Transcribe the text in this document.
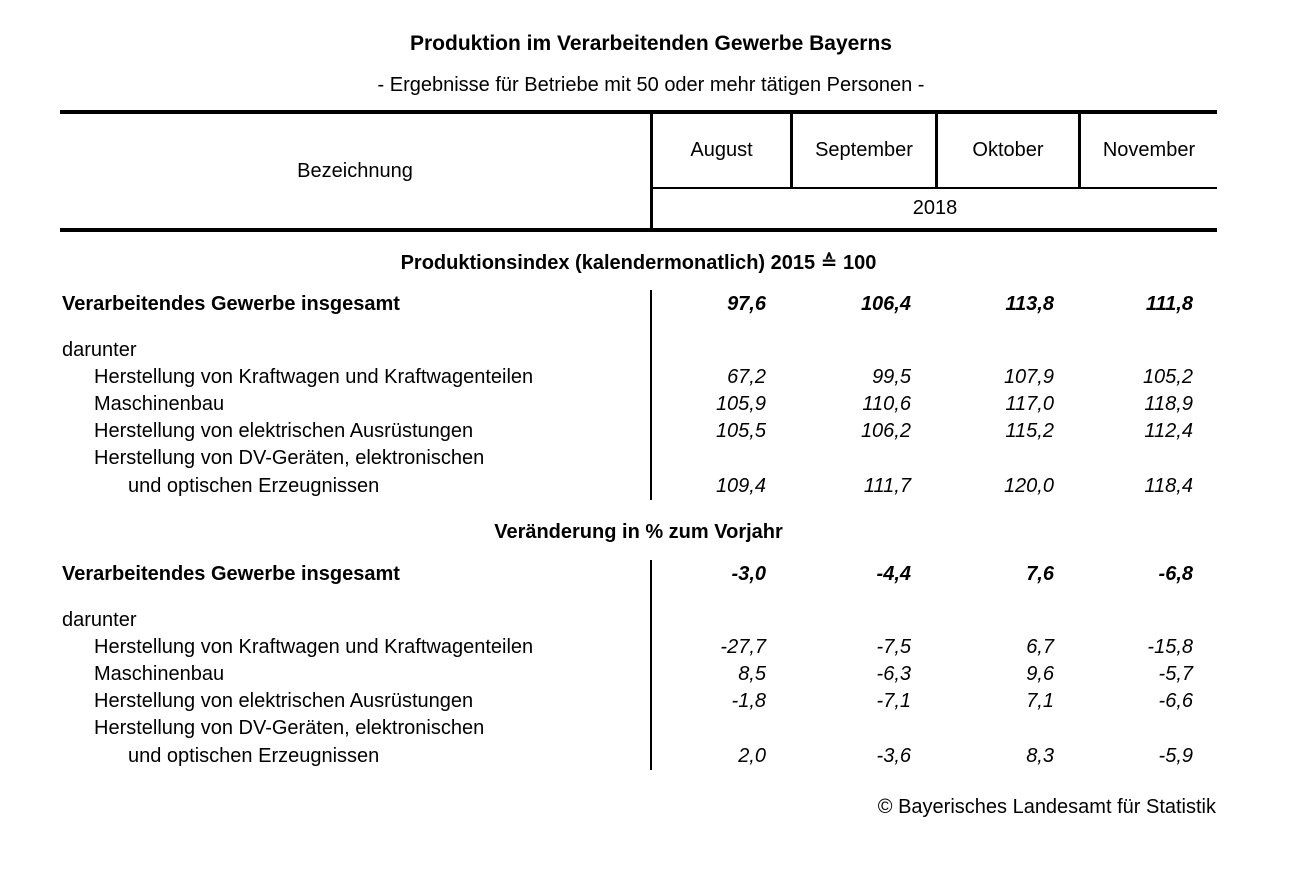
Produktion im Verarbeitenden Gewerbe Bayerns
- Ergebnisse für Betriebe mit 50 oder mehr tätigen Personen -
Bezeichnung
August	September	Oktober	November
2018
Produktionsindex (kalendermonatlich) 2015 ≙ 100
Verarbeitendes Gewerbe insgesamt	97,6	106,4	113,8	111,8
darunter
Herstellung von Kraftwagen und Kraftwagenteilen	67,2	99,5	107,9	105,2
Maschinenbau	105,9	110,6	117,0	118,9
Herstellung von elektrischen Ausrüstungen	105,5	106,2	115,2	112,4
Herstellung von DV-Geräten, elektronischen
und optischen Erzeugnissen	109,4	111,7	120,0	118,4
Veränderung in % zum Vorjahr
Verarbeitendes Gewerbe insgesamt	-3,0	-4,4	7,6	-6,8
darunter
Herstellung von Kraftwagen und Kraftwagenteilen	-27,7	-7,5	6,7	-15,8
Maschinenbau	8,5	-6,3	9,6	-5,7
Herstellung von elektrischen Ausrüstungen	-1,8	-7,1	7,1	-6,6
Herstellung von DV-Geräten, elektronischen
und optischen Erzeugnissen	2,0	-3,6	8,3	-5,9
© Bayerisches Landesamt für Statistik
